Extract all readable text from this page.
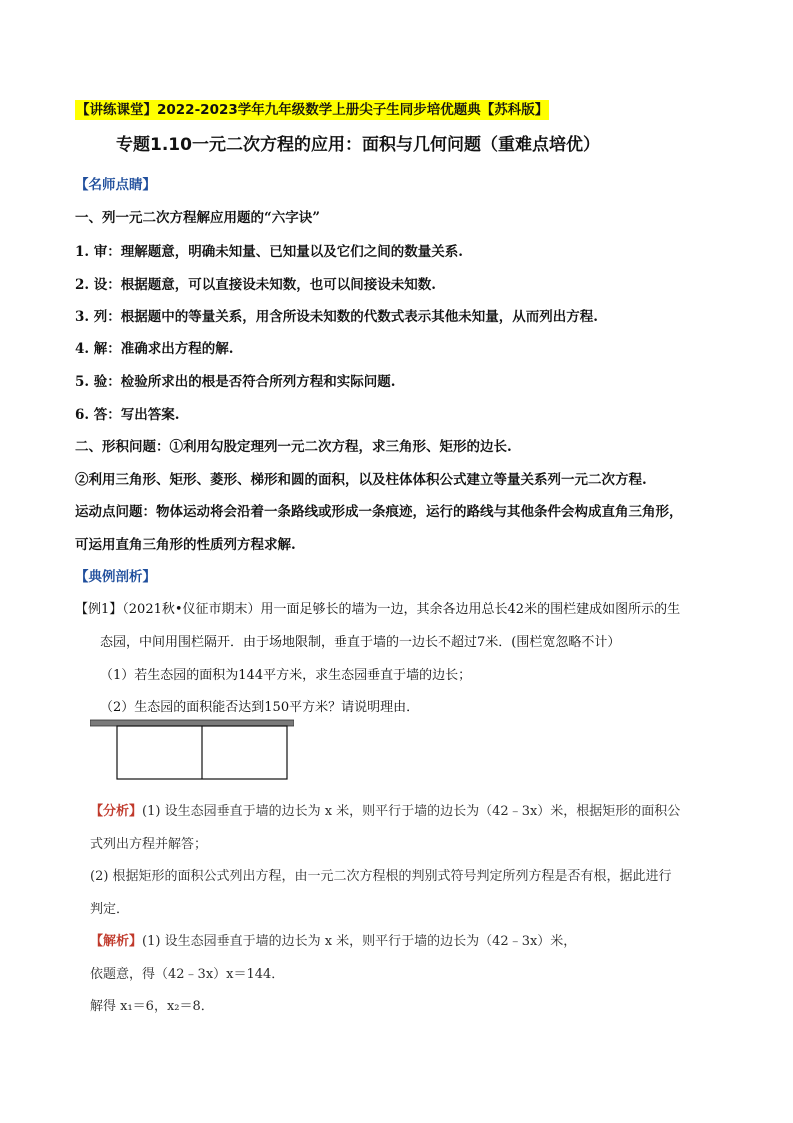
【讲练课堂】2022-2023学年九年级数学上册尖子生同步培优题典【苏科版】
专题1.10一元二次方程的应用：面积与几何问题（重难点培优）
【名师点睛】
一、列一元二次方程解应用题的“六字诀”
1. 审：理解题意，明确未知量、已知量以及它们之间的数量关系.
2. 设：根据题意，可以直接设未知数，也可以间接设未知数.
3. 列：根据题中的等量关系，用含所设未知数的代数式表示其他未知量，从而列出方程.
4. 解：准确求出方程的解.
5. 验：检验所求出的根是否符合所列方程和实际问题.
6. 答：写出答案.
二、形积问题：①利用勾股定理列一元二次方程，求三角形、矩形的边长.
②利用三角形、矩形、菱形、梯形和圆的面积，以及柱体体积公式建立等量关系列一元二次方程.
运动点问题：物体运动将会沿着一条路线或形成一条痕迹，运行的路线与其他条件会构成直角三角形，
可运用直角三角形的性质列方程求解.
【典例剖析】
【例1】（2021秋•仪征市期末）用一面足够长的墙为一边，其余各边用总长42米的围栏建成如图所示的生
态园，中间用围栏隔开．由于场地限制，垂直于墙的一边长不超过7米．(围栏宽忽略不计）
（1）若生态园的面积为144平方米，求生态园垂直于墙的边长；
（2）生态园的面积能否达到150平方米？请说明理由．
【分析】(1) 设生态园垂直于墙的边长为 x 米，则平行于墙的边长为（42﹣3x）米，根据矩形的面积公
式列出方程并解答；
(2) 根据矩形的面积公式列出方程，由一元二次方程根的判别式符号判定所列方程是否有根，据此进行
判定．
【解析】(1) 设生态园垂直于墙的边长为 x 米，则平行于墙的边长为（42﹣3x）米，
依题意，得（42﹣3x）x＝144．
解得 x₁＝6，x₂＝8．
